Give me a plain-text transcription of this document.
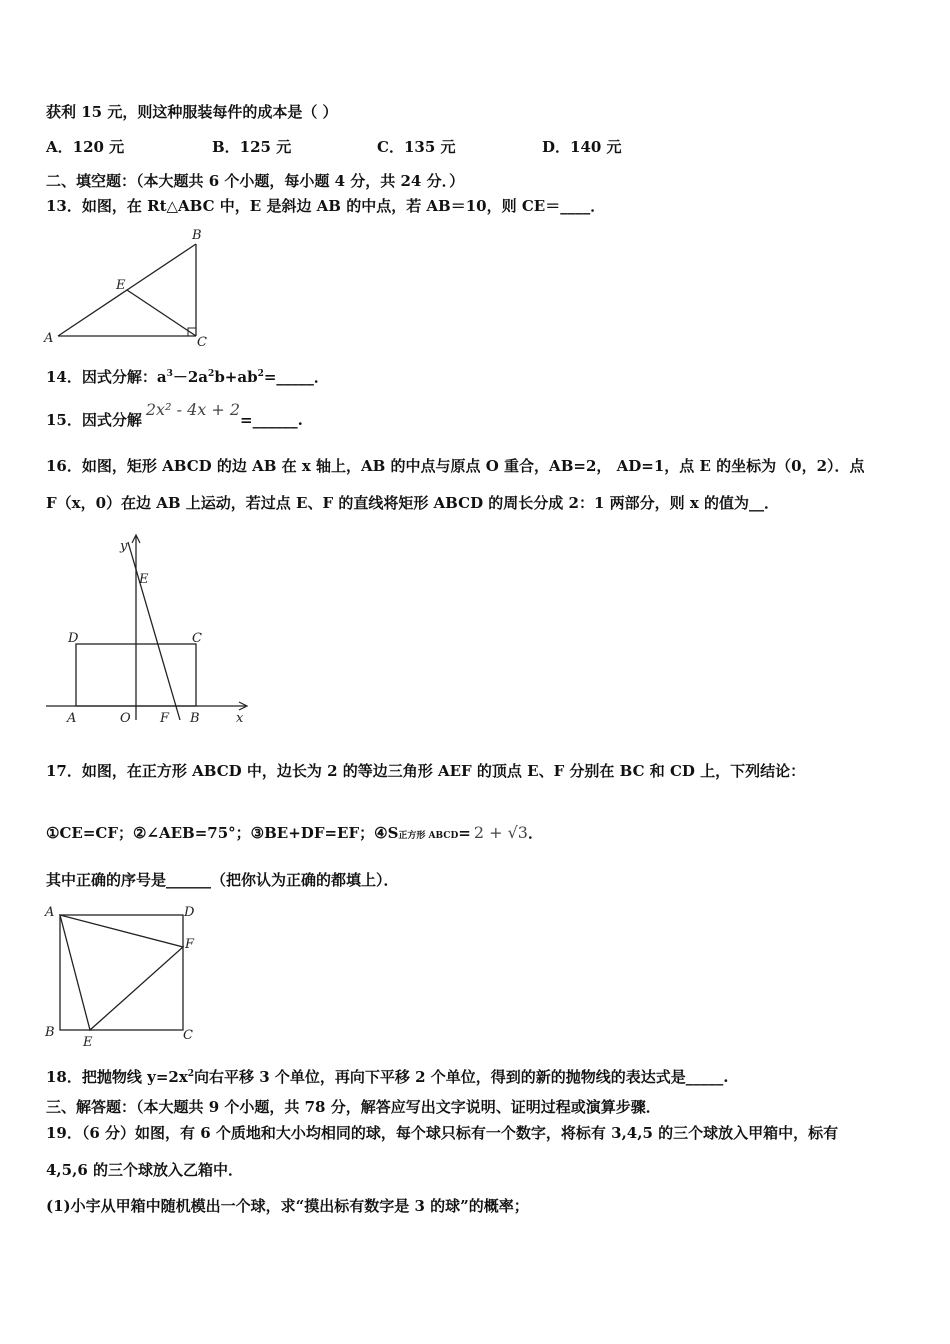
获利 15 元，则这种服装每件的成本是（ ）
A．120 元	B．125 元	C．135 元	D．140 元
二、填空题：（本大题共 6 个小题，每小题 4 分，共 24 分．）
13．如图，在 Rt△ABC 中，E 是斜边 AB 的中点，若 AB＝10，则 CE＝____．
B
E
A	C
14．因式分解：$a^3-2a^2b+ab^2=\_\_\_\_\_$．
15．因式分解2x² - 4x + 2=______.
16．如图，矩形 ABCD 的边 AB 在 x 轴上，AB 的中点与原点 O 重合，AB=2， AD=1，点 E 的坐标为（0，2）．点
F（x，0）在边 AB 上运动，若过点 E、F 的直线将矩形 ABCD 的周长分成 2：1 两部分，则 x 的值为__．
y
E
D	C
A	O F B	x
17．如图，在正方形 ABCD 中，边长为 2 的等边三角形 AEF 的顶点 E、F 分别在 BC 和 CD 上，下列结论：
①CE=CF；②∠AEB=75°；③BE+DF=EF；④S正方形 ABCD= 2 + √3．
其中正确的序号是______（把你认为正确的都填上）．
A	D
F
B	C
E
18．把抛物线 $y=2x^2$向右平移 3 个单位，再向下平移 2 个单位，得到的新的抛物线的表达式是_____.
三、解答题：（本大题共 9 个小题，共 78 分，解答应写出文字说明、证明过程或演算步骤．
19．（6 分）如图，有 6 个质地和大小均相同的球，每个球只标有一个数字，将标有 3,4,5 的三个球放入甲箱中，标有
4,5,6 的三个球放入乙箱中．
(1)小宇从甲箱中随机模出一个球，求“摸出标有数字是 3 的球”的概率；
